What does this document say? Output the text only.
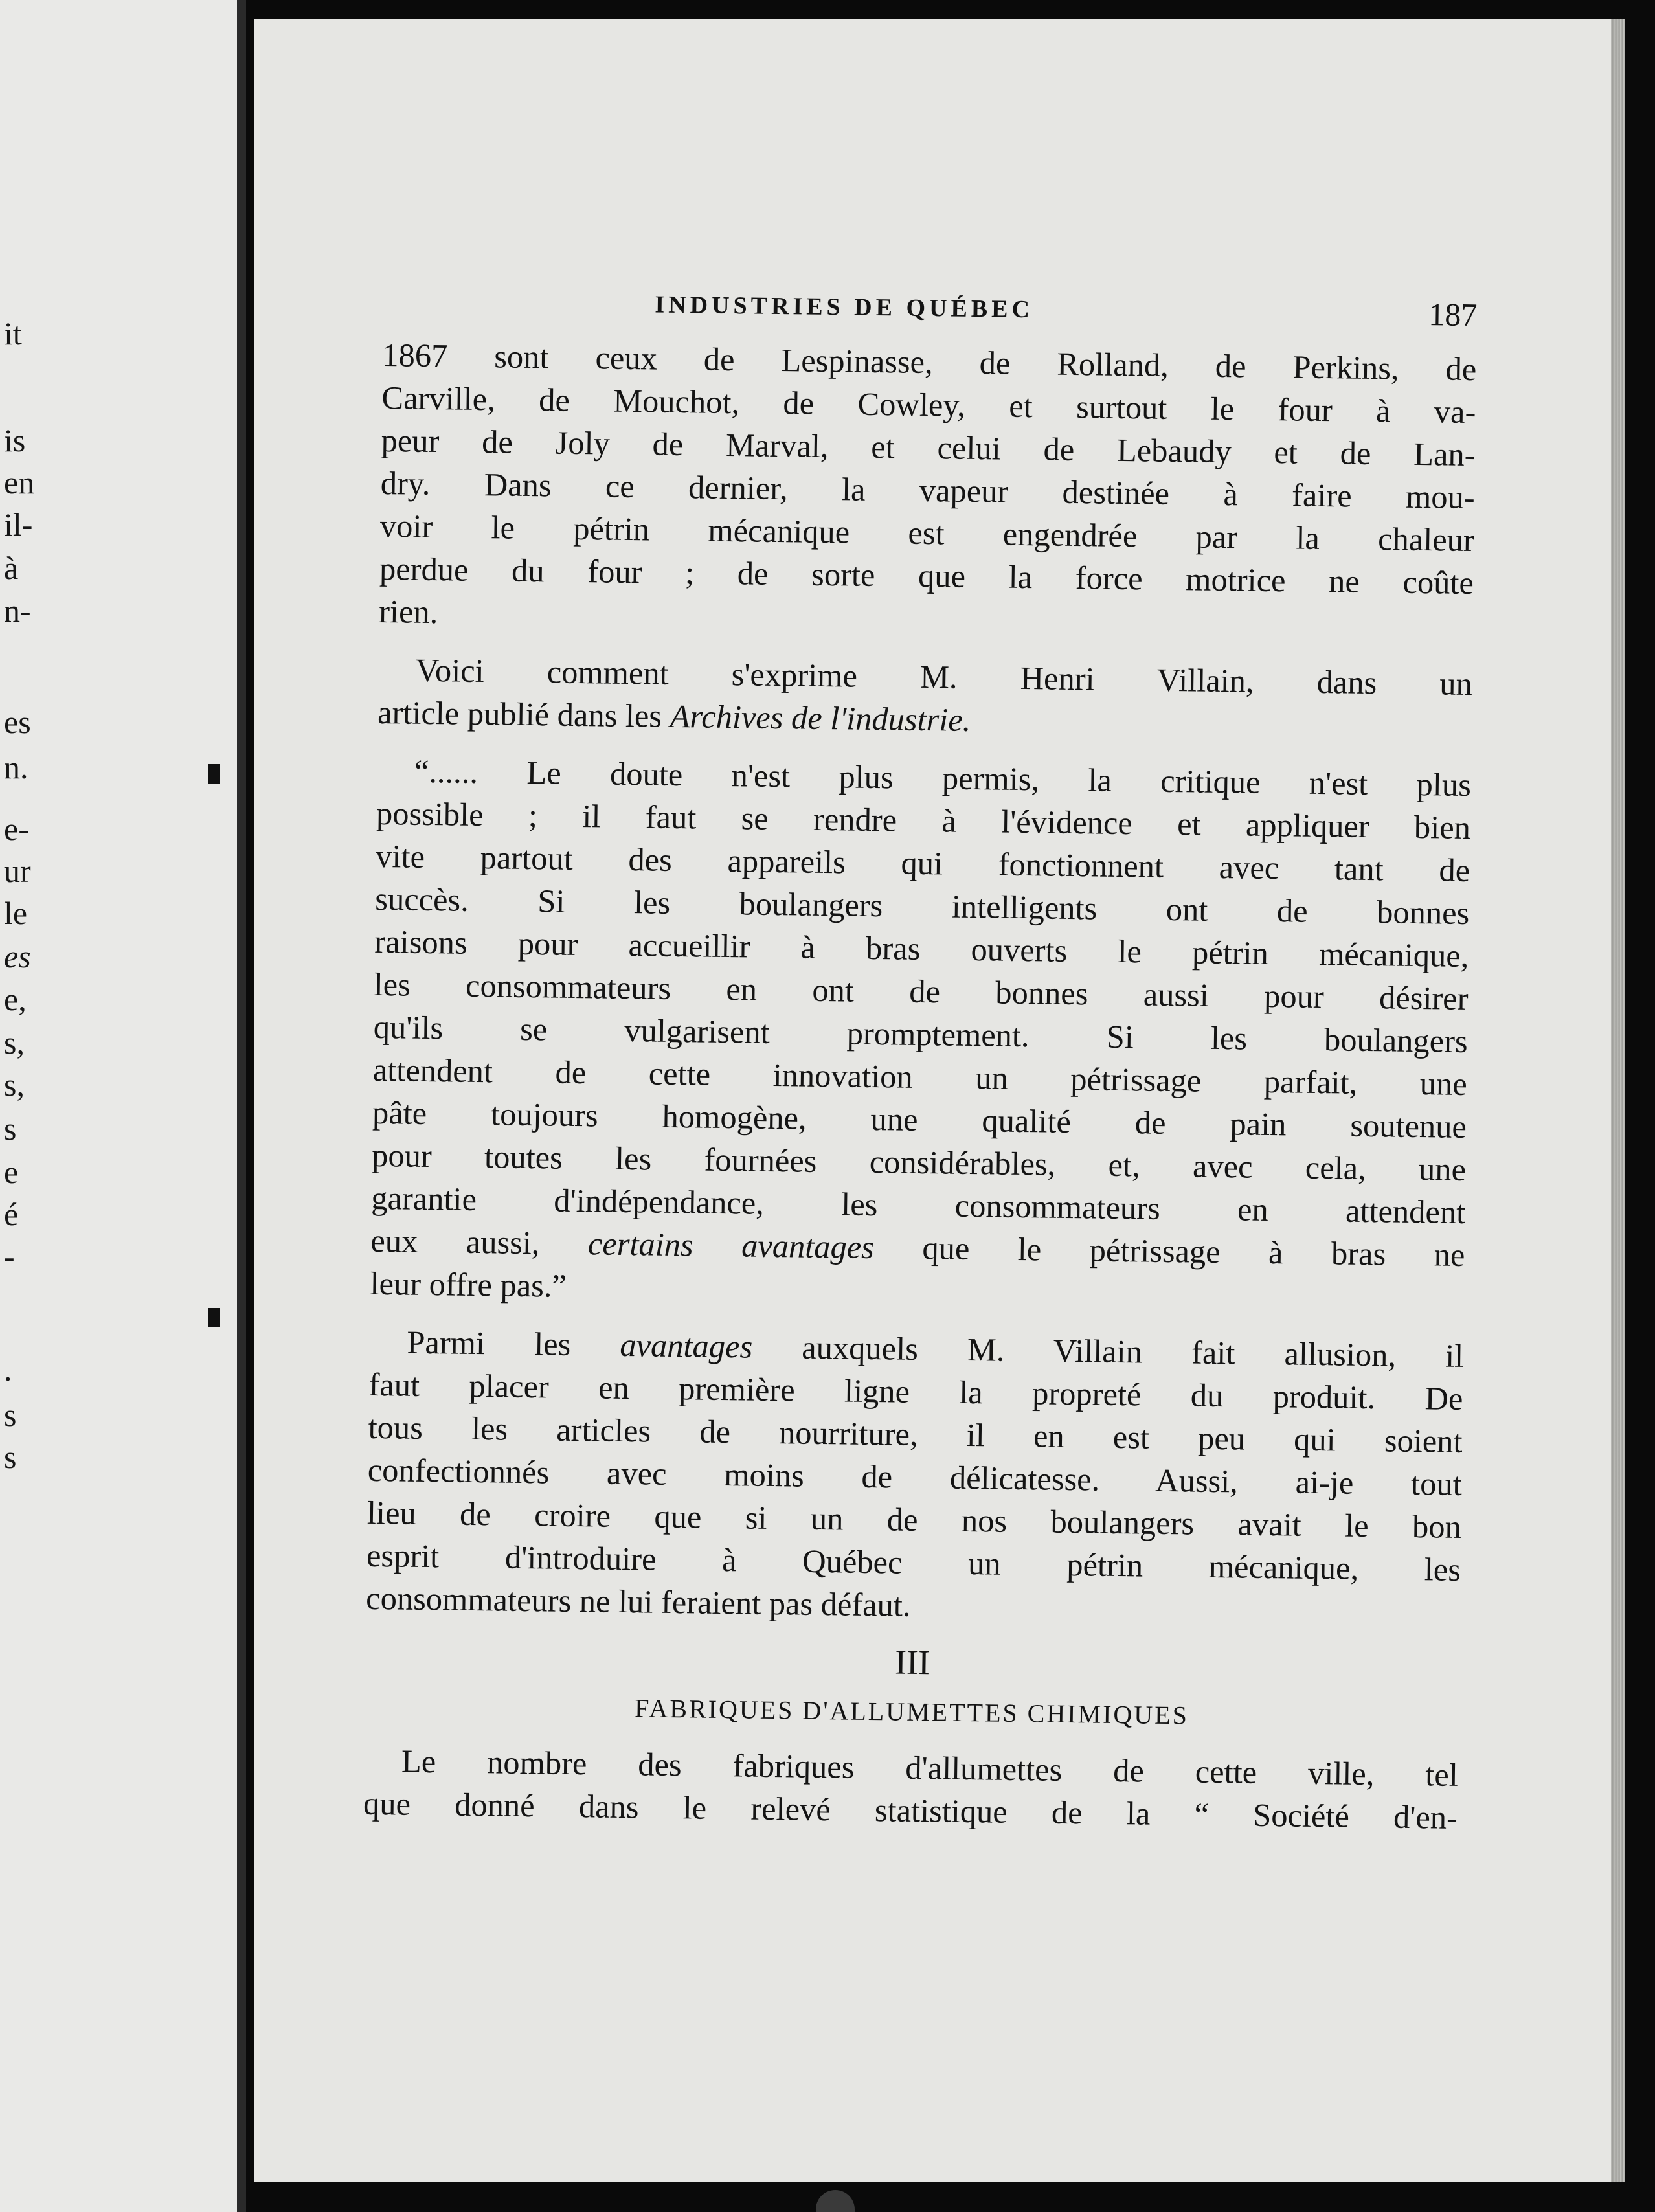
it
is
en
il-
à
n-
es
n.
e-
ur
le
es
e,
s,
s,
s
e
é
-
.
s
s
INDUSTRIES DE QUÉBEC	187
1867 sont ceux de Lespinasse, de Rolland, de Perkins, de
Carville, de Mouchot, de Cowley, et surtout le four à va-
peur de Joly de Marval, et celui de Lebaudy et de Lan-
dry. Dans ce dernier, la vapeur destinée à faire mou-
voir le pétrin mécanique est engendrée par la chaleur
perdue du four ; de sorte que la force motrice ne coûte
rien.
Voici comment s'exprime M. Henri Villain, dans un
article publié dans les Archives de l'industrie.
“...... Le doute n'est plus permis, la critique n'est plus
possible ; il faut se rendre à l'évidence et appliquer bien
vite partout des appareils qui fonctionnent avec tant de
succès. Si les boulangers intelligents ont de bonnes
raisons pour accueillir à bras ouverts le pétrin mécanique,
les consommateurs en ont de bonnes aussi pour désirer
qu'ils se vulgarisent promptement. Si les boulangers
attendent de cette innovation un pétrissage parfait, une
pâte toujours homogène, une qualité de pain soutenue
pour toutes les fournées considérables, et, avec cela, une
garantie d'indépendance, les consommateurs en attendent
eux aussi, certains avantages que le pétrissage à bras ne
leur offre pas.”
Parmi les avantages auxquels M. Villain fait allusion, il
faut placer en première ligne la propreté du produit. De
tous les articles de nourriture, il en est peu qui soient
confectionnés avec moins de délicatesse. Aussi, ai-je tout
lieu de croire que si un de nos boulangers avait le bon
esprit d'introduire à Québec un pétrin mécanique, les
consommateurs ne lui feraient pas défaut.
III
FABRIQUES D'ALLUMETTES CHIMIQUES
Le nombre des fabriques d'allumettes de cette ville, tel
que donné dans le relevé statistique de la “ Société d'en-
